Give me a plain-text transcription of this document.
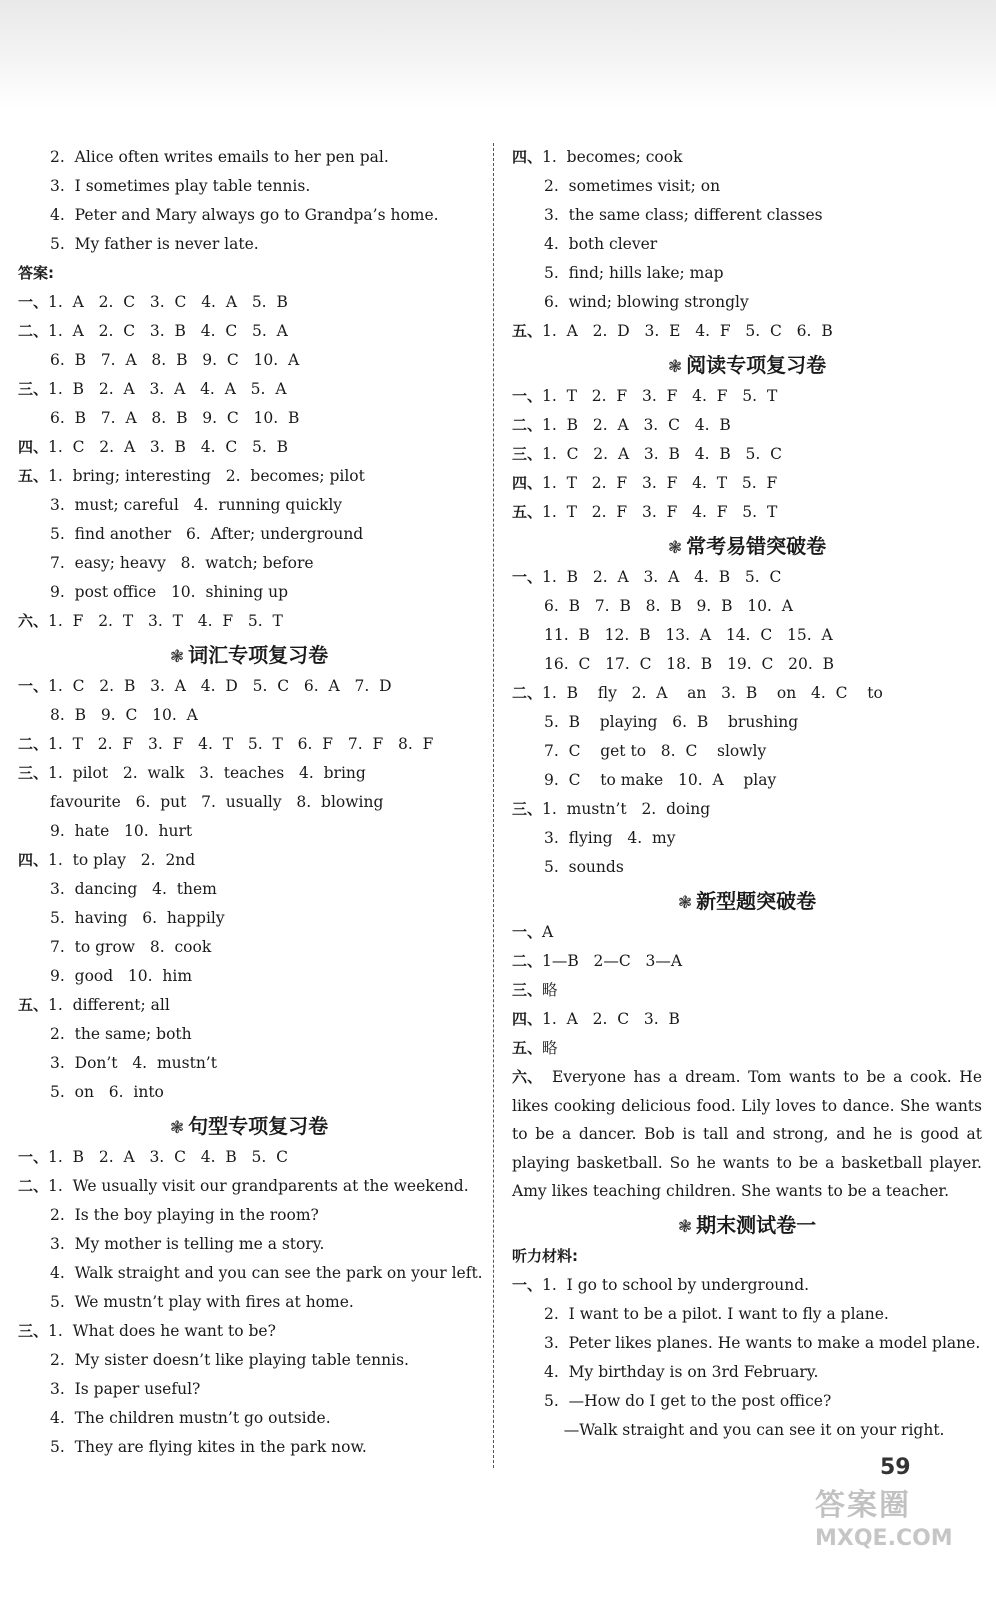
2.  Alice often writes emails to her pen pal.
3.  I sometimes play table tennis.
4.  Peter and Mary always go to Grandpa’s home.
5.  My father is never late.
答案:
一、1.  A   2.  C   3.  C   4.  A   5.  B
二、1.  A   2.  C   3.  B   4.  C   5.  A
6.  B   7.  A   8.  B   9.  C   10.  A
三、1.  B   2.  A   3.  A   4.  A   5.  A
6.  B   7.  A   8.  B   9.  C   10.  B
四、1.  C   2.  A   3.  B   4.  C   5.  B
五、1.  bring; interesting   2.  becomes; pilot
3.  must; careful   4.  running quickly
5.  find another   6.  After; underground
7.  easy; heavy   8.  watch; before
9.  post office   10.  shining up
六、1.  F   2.  T   3.  T   4.  F   5.  T
❃ 词汇专项复习卷
一、1.  C   2.  B   3.  A   4.  D   5.  C   6.  A   7.  D
8.  B   9.  C   10.  A
二、1.  T   2.  F   3.  F   4.  T   5.  T   6.  F   7.  F   8.  F
三、1.  pilot   2.  walk   3.  teaches   4.  bring
favourite   6.  put   7.  usually   8.  blowing
9.  hate   10.  hurt
四、1.  to play   2.  2nd
3.  dancing   4.  them
5.  having   6.  happily
7.  to grow   8.  cook
9.  good   10.  him
五、1.  different; all
2.  the same; both
3.  Don’t   4.  mustn’t
5.  on   6.  into
❃ 句型专项复习卷
一、1.  B   2.  A   3.  C   4.  B   5.  C
二、1.  We usually visit our grandparents at the weekend.
2.  Is the boy playing in the room?
3.  My mother is telling me a story.
4.  Walk straight and you can see the park on your left.
5.  We mustn’t play with fires at home.
三、1.  What does he want to be?
2.  My sister doesn’t like playing table tennis.
3.  Is paper useful?
4.  The children mustn’t go outside.
5.  They are flying kites in the park now.
四、1.  becomes; cook
2.  sometimes visit; on
3.  the same class; different classes
4.  both clever
5.  find; hills lake; map
6.  wind; blowing strongly
五、1.  A   2.  D   3.  E   4.  F   5.  C   6.  B
❃ 阅读专项复习卷
一、1.  T   2.  F   3.  F   4.  F   5.  T
二、1.  B   2.  A   3.  C   4.  B
三、1.  C   2.  A   3.  B   4.  B   5.  C
四、1.  T   2.  F   3.  F   4.  T   5.  F
五、1.  T   2.  F   3.  F   4.  F   5.  T
❃ 常考易错突破卷
一、1.  B   2.  A   3.  A   4.  B   5.  C
6.  B   7.  B   8.  B   9.  B   10.  A
11.  B   12.  B   13.  A   14.  C   15.  A
16.  C   17.  C   18.  B   19.  C   20.  B
二、1.  B    fly   2.  A    an   3.  B    on   4.  C    to
5.  B    playing   6.  B    brushing
7.  C    get to   8.  C    slowly
9.  C    to make   10.  A    play
三、1.  mustn’t   2.  doing
3.  flying   4.  my
5.  sounds
❃ 新型题突破卷
一、A
二、1—B   2—C   3—A
三、略
四、1.  A   2.  C   3.  B
五、略

六、 Everyone has a dream. Tom wants to be a cook. He likes cooking delicious food. Lily loves to dance. She wants to be a dancer. Bob is tall and strong, and he is good at playing basketball. So he wants to be a basketball player. Amy likes teaching children. She wants to be a teacher.

❃ 期末测试卷一
听力材料:
一、1.  I go to school by underground.
2.  I want to be a pilot. I want to fly a plane.
3.  Peter likes planes. He wants to make a model plane.
4.  My birthday is on 3rd February.
5.  —How do I get to the post office?
—Walk straight and you can see it on your right.
59
答案圈
MXQE.COM
